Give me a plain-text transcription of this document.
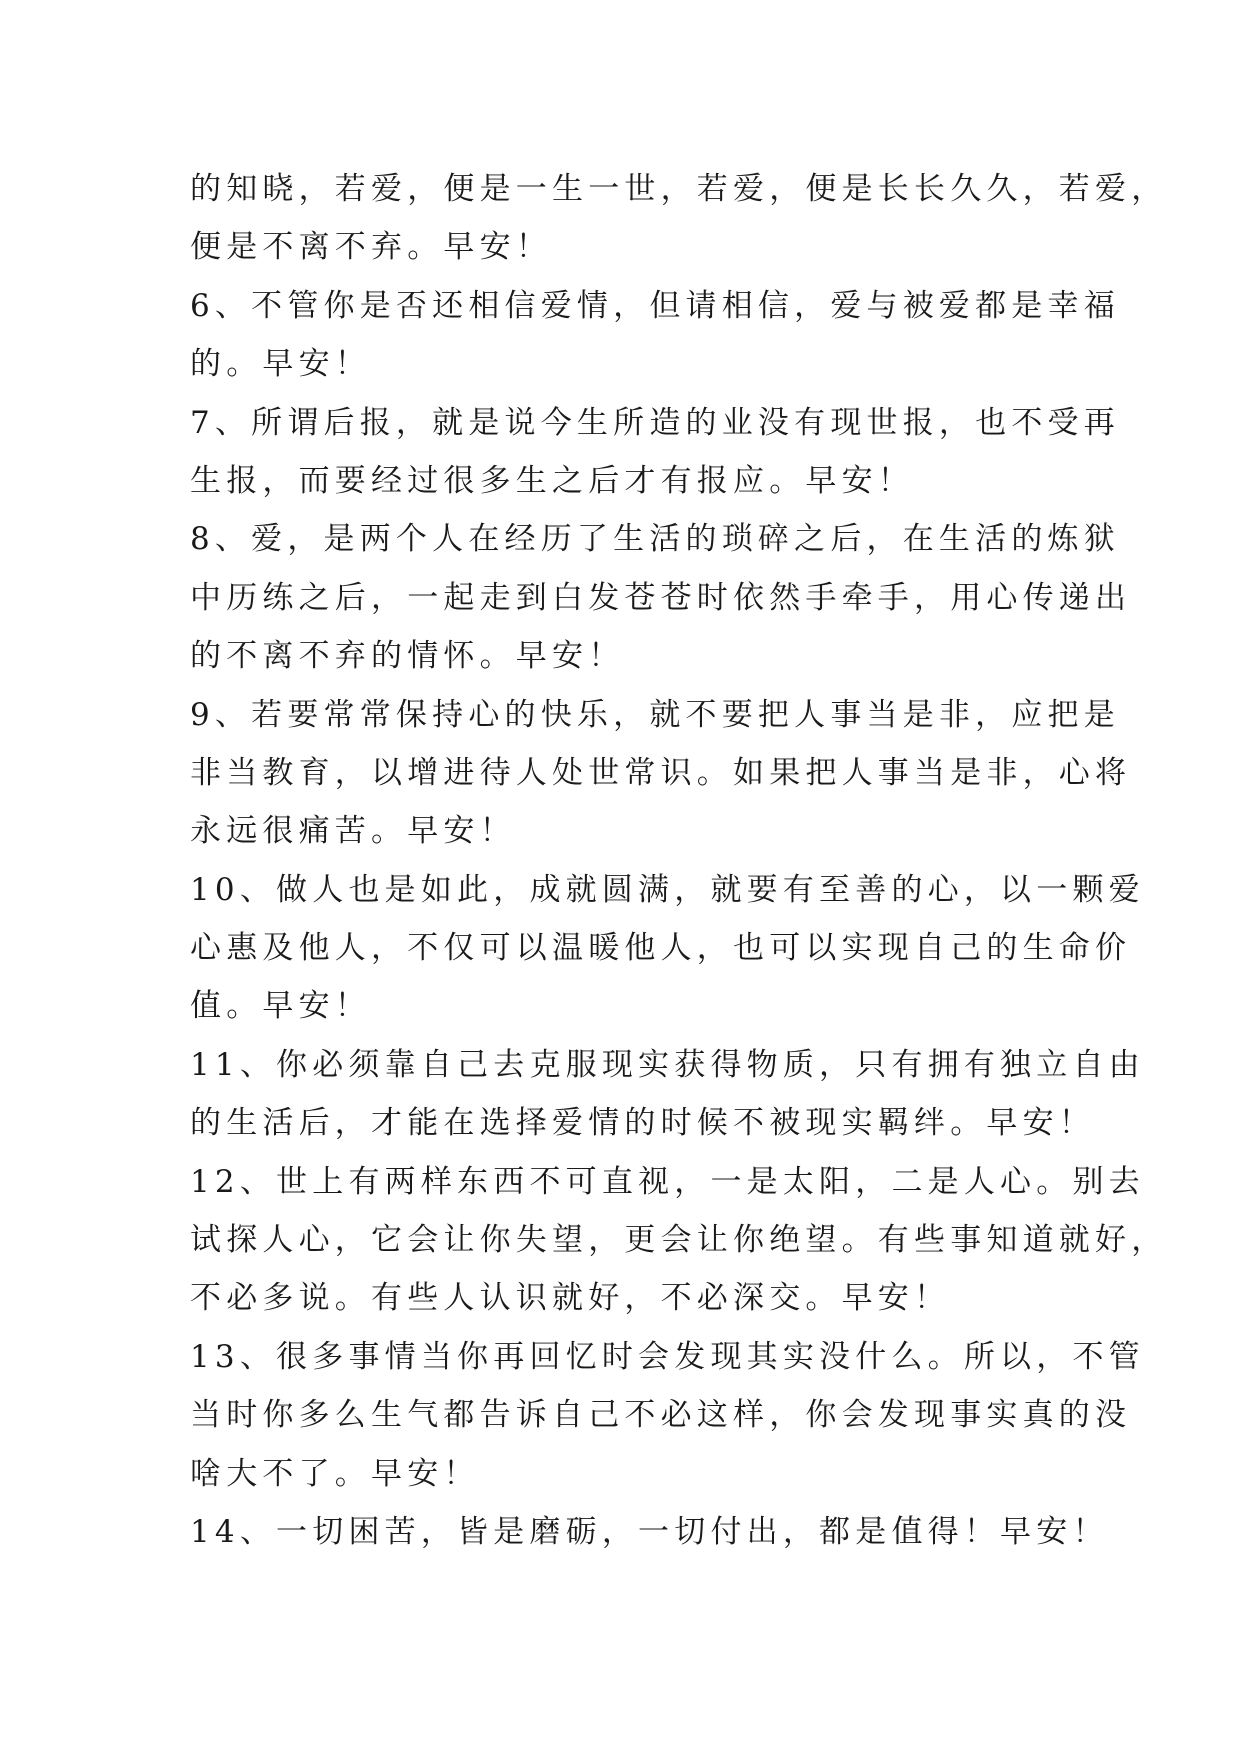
的知晓，若爱，便是一生一世，若爱，便是长长久久，若爱，
便是不离不弃。早安！
6、不管你是否还相信爱情，但请相信，爱与被爱都是幸福
的。早安！
7、所谓后报，就是说今生所造的业没有现世报，也不受再
生报，而要经过很多生之后才有报应。早安！
8、爱，是两个人在经历了生活的琐碎之后，在生活的炼狱
中历练之后，一起走到白发苍苍时依然手牵手，用心传递出
的不离不弃的情怀。早安！
9、若要常常保持心的快乐，就不要把人事当是非，应把是
非当教育，以增进待人处世常识。如果把人事当是非，心将
永远很痛苦。早安！
10、做人也是如此，成就圆满，就要有至善的心，以一颗爱
心惠及他人，不仅可以温暖他人，也可以实现自己的生命价
值。早安！
11、你必须靠自己去克服现实获得物质，只有拥有独立自由
的生活后，才能在选择爱情的时候不被现实羁绊。早安！
12、世上有两样东西不可直视，一是太阳，二是人心。别去
试探人心，它会让你失望，更会让你绝望。有些事知道就好，
不必多说。有些人认识就好，不必深交。早安！
13、很多事情当你再回忆时会发现其实没什么。所以，不管
当时你多么生气都告诉自己不必这样，你会发现事实真的没
啥大不了。早安！
14、一切困苦，皆是磨砺，一切付出，都是值得！早安！
